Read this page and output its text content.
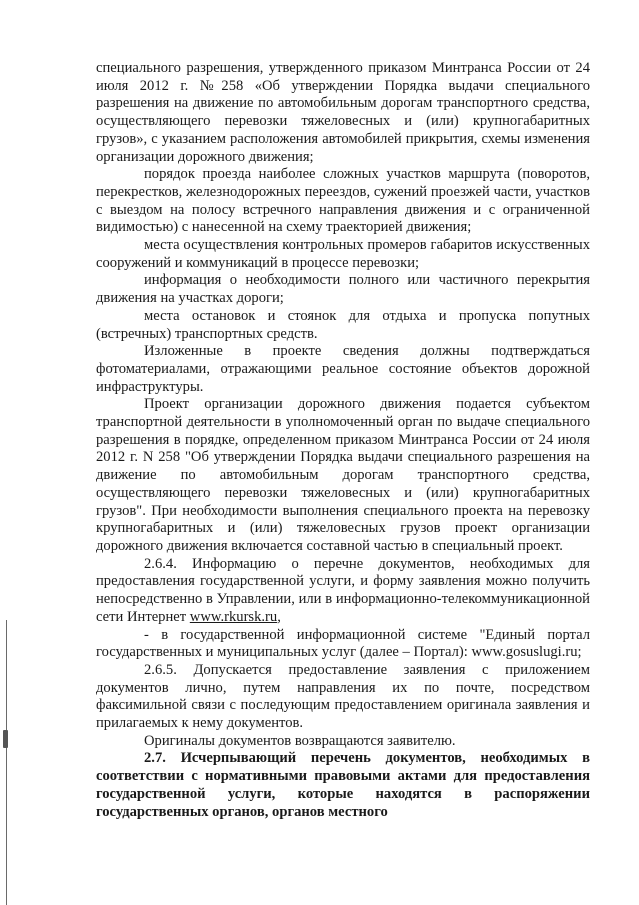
специального разрешения, утвержденного приказом Минтранса России от 24 июля 2012 г. №258 «Об утверждении Порядка выдачи специального разрешения на движение по автомобильным дорогам транспортного средства, осуществляющего перевозки тяжеловесных и (или) крупногабаритных грузов», с указанием расположения автомобилей прикрытия, схемы изменения организации дорожного движения;

порядок проезда наиболее сложных участков маршрута (поворотов, перекрестков, железнодорожных переездов, сужений проезжей части, участков с выездом на полосу встречного направления движения и с ограниченной видимостью) с нанесенной на схему траекторией движения;

места осуществления контрольных промеров габаритов искусственных сооружений и коммуникаций в процессе перевозки;

информация о необходимости полного или частичного перекрытия движения на участках дороги;

места остановок и стоянок для отдыха и пропуска попутных (встречных) транспортных средств.

Изложенные в проекте сведения должны подтверждаться фотоматериалами, отражающими реальное состояние объектов дорожной инфраструктуры.

Проект организации дорожного движения подается субъектом транспортной деятельности в уполномоченный орган по выдаче специального разрешения в порядке, определенном приказом Минтранса России от 24 июля 2012 г. N 258 "Об утверждении Порядка выдачи специального разрешения на движение по автомобильным дорогам транспортного средства, осуществляющего перевозки тяжеловесных и (или) крупногабаритных грузов". При необходимости выполнения специального проекта на перевозку крупногабаритных и (или) тяжеловесных грузов проект организации дорожного движения включается составной частью в специальный проект.

2.6.4. Информацию о перечне документов, необходимых для предоставления государственной услуги, и форму заявления можно получить непосредственно в Управлении, или в информационно-телекоммуникационной сети Интернет www.rkursk.ru,

- в государственной информационной системе "Единый портал государственных и муниципальных услуг (далее – Портал): www.gosuslugi.ru;

2.6.5. Допускается предоставление заявления с приложением документов лично, путем направления их по почте, посредством факсимильной связи с последующим предоставлением оригинала заявления и прилагаемых к нему документов.

Оригиналы документов возвращаются заявителю.

2.7. Исчерпывающий перечень документов, необходимых в соответствии с нормативными правовыми актами для предоставления государственной услуги, которые находятся в распоряжении государственных органов, органов местного
